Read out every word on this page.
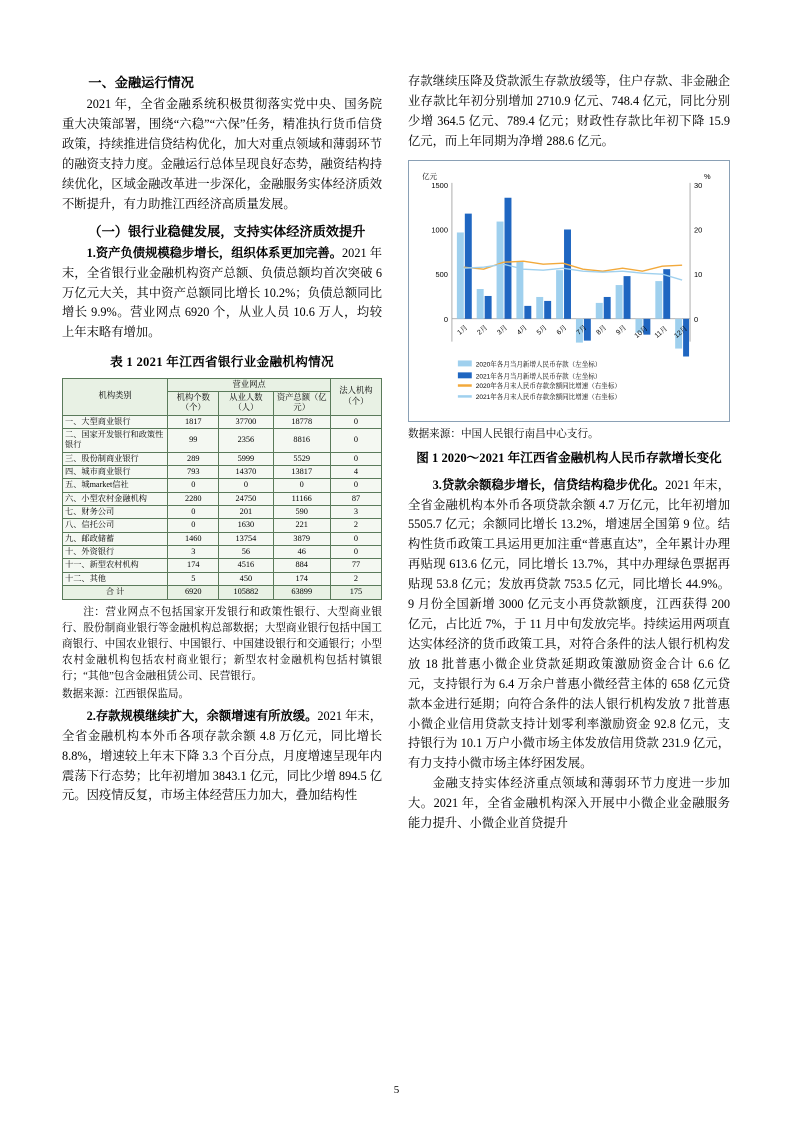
一、金融运行情况

2021 年，全省金融系统积极贯彻落实党中央、国务院重大决策部署，围绕“六稳”“六保”任务，精准执行货币信贷政策，持续推进信贷结构优化，加大对重点领域和薄弱环节的融资支持力度。金融运行总体呈现良好态势，融资结构持续优化，区域金融改革进一步深化，金融服务实体经济质效不断提升，有力助推江西经济高质量发展。

（一）银行业稳健发展，支持实体经济质效提升

1.资产负债规模稳步增长，组织体系更加完善。2021 年末，全省银行业金融机构资产总额、负债总额均首次突破 6 万亿元大关，其中资产总额同比增长 10.2%；负债总额同比增长 9.9%。营业网点 6920 个，从业人员 10.6 万人，均较上年末略有增加。

表 1 2021 年江西省银行业金融机构情况
机构类别	营业网点			法人机构（个）
	机构个数（个）	从业人数（人）	资产总额（亿元）	
一、大型商业银行	1817	37700	18778	0
二、国家开发银行和政策性银行	99	2356	8816	0
三、股份制商业银行	289	5999	5529	0
四、城市商业银行	793	14370	13817	4
五、城market信社	0	0	0	0
六、小型农村金融机构	2280	24750	11166	87
七、财务公司	0	201	590	3
八、信托公司	0	1630	221	2
九、邮政储蓄	1460	13754	3879	0
十、外资银行	3	56	46	0
十一、新型农村机构	174	4516	884	77
十二、其他	5	450	174	2
合 计	6920	105882	63899	175
注：营业网点不包括国家开发银行和政策性银行、大型商业银行、股份制商业银行等金融机构总部数据；大型商业银行包括中国工商银行、中国农业银行、中国银行、中国建设银行和交通银行；小型农村金融机构包括农村商业银行；新型农村金融机构包括村镇银行；“其他”包含金融租赁公司、民营银行。
数据来源：江西银保监局。

2.存款规模继续扩大，余额增速有所放缓。2021 年末，全省金融机构本外币各项存款余额 4.8 万亿元，同比增长 8.8%，增速较上年末下降 3.3 个百分点，月度增速呈现年内震荡下行态势；比年初增加 3843.1 亿元，同比少增 894.5 亿元。因疫情反复，市场主体经营压力加大，叠加结构性

存款继续压降及贷款派生存款放缓等，住户存款、非金融企业存款比年初分别增加 2710.9 亿元、748.4 亿元，同比分别少增 364.5 亿元、789.4 亿元；财政性存款比年初下降 15.9 亿元，而上年同期为净增 288.6 亿元。

亿元	%
1500
1000
500
0
30
20
10
0
1月 2月 3月 4月 5月 6月 7月 8月 9月 10月 11月 12月
2020年各月当月新增人民币存款（左坐标）
2021年各月当月新增人民币存款（左坐标）
2020年各月末人民币存款余额同比增速（右坐标）
2021年各月末人民币存款余额同比增速（右坐标）
数据来源：中国人民银行南昌中心支行。
图 1 2020～2021 年江西省金融机构人民币存款增长变化

3.贷款余额稳步增长，信贷结构稳步优化。2021 年末，全省金融机构本外币各项贷款余额 4.7 万亿元，比年初增加 5505.7 亿元；余额同比增长 13.2%，增速居全国第 9 位。结构性货币政策工具运用更加注重“普惠直达”，全年累计办理再贴现 613.6 亿元，同比增长 13.7%，其中办理绿色票据再贴现 53.8 亿元；发放再贷款 753.5 亿元，同比增长 44.9%。9 月份全国新增 3000 亿元支小再贷款额度，江西获得 200 亿元，占比近 7%，于 11 月中旬发放完毕。持续运用两项直达实体经济的货币政策工具，对符合条件的法人银行机构发放 18 批普惠小微企业贷款延期政策激励资金合计 6.6 亿元，支持银行为 6.4 万余户普惠小微经营主体的 658 亿元贷款本金进行延期；向符合条件的法人银行机构发放 7 批普惠小微企业信用贷款支持计划零利率激励资金 92.8 亿元，支持银行为 10.1 万户小微市场主体发放信用贷款 231.9 亿元，有力支持小微市场主体纾困发展。

金融支持实体经济重点领域和薄弱环节力度进一步加大。2021 年，全省金融机构深入开展中小微企业金融服务能力提升、小微企业首贷提升

5
